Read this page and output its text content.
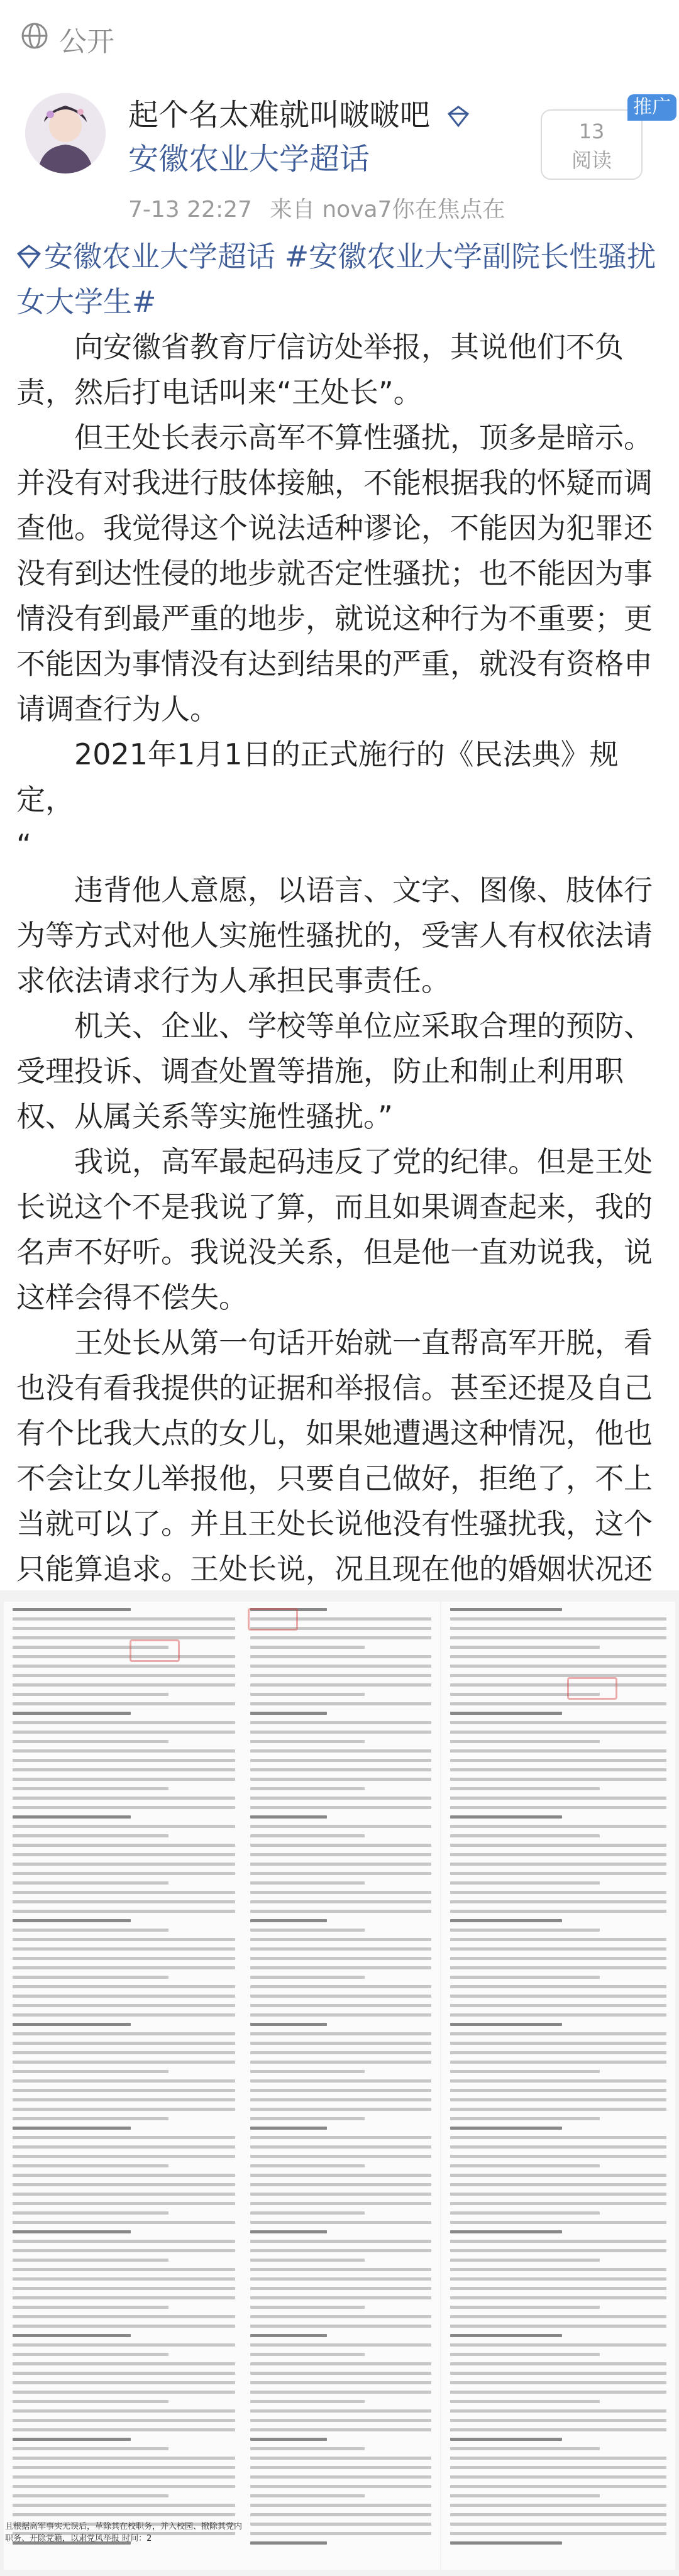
公开
起个名太难就叫啵啵吧 安徽农业大学超话
7-13 22:27 来自 nova7你在焦点在
13
阅读
推广
安徽农业大学超话 #安徽农业大学副院长性骚扰女大学生#
向安徽省教育厅信访处举报，其说他们不负责，然后打电话叫来“王处长”。
但王处长表示高军不算性骚扰，顶多是暗示。并没有对我进行肢体接触，不能根据我的怀疑而调查他。我觉得这个说法适种谬论，不能因为犯罪还没有到达性侵的地步就否定性骚扰；也不能因为事情没有到最严重的地步，就说这种行为不重要；更不能因为事情没有达到结果的严重，就没有资格申请调查行为人。
2021年1月1日的正式施行的《民法典》规定，
“
违背他人意愿，以语言、文字、图像、肢体行为等方式对他人实施性骚扰的，受害人有权依法请求依法请求行为人承担民事责任。
机关、企业、学校等单位应采取合理的预防、受理投诉、调查处置等措施，防止和制止利用职权、从属关系等实施性骚扰。”
我说，高军最起码违反了党的纪律。但是王处长说这个不是我说了算，而且如果调查起来，我的名声不好听。我说没关系，但是他一直劝说我，说这样会得不偿失。
王处长从第一句话开始就一直帮高军开脱，看也没有看我提供的证据和举报信。甚至还提及自己有个比我大点的女儿，如果她遭遇这种情况，他也不会让女儿举报他，只要自己做好，拒绝了，不上当就可以了。并且王处长说他没有性骚扰我，这个只能算追求。王处长说，况且现在他的婚姻状况还
且根据高军事实无误后，革除其在校职务，并入校园、撤除其党内职务、开除党籍，以肃党风举报 时间：2
